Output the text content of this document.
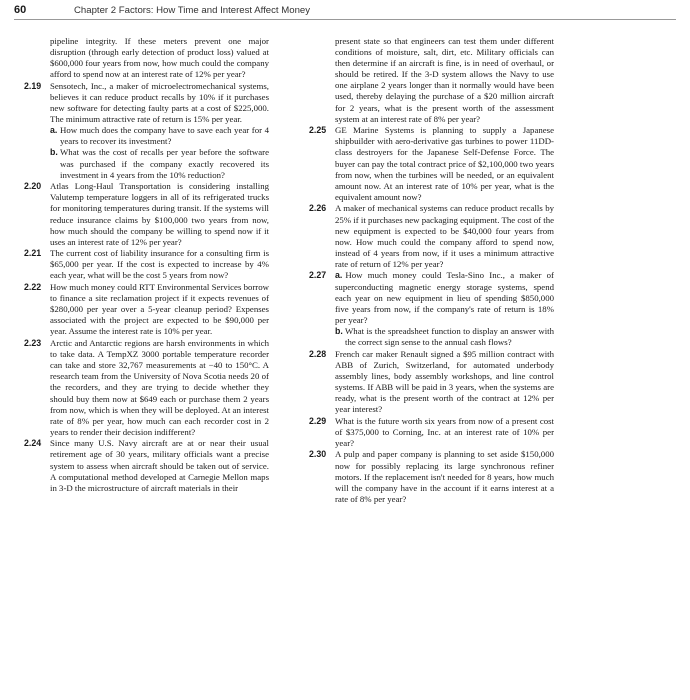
60	Chapter 2 Factors: How Time and Interest Affect Money
pipeline integrity. If these meters prevent one major disruption (through early detection of product loss) valued at $600,000 four years from now, how much could the company afford to spend now at an interest rate of 12% per year?
2.19 Sensotech, Inc., a maker of microelectromechanical systems, believes it can reduce product recalls by 10% if it purchases new software for detecting faulty parts at a cost of $225,000. The minimum attractive rate of return is 15% per year.
a. How much does the company have to save each year for 4 years to recover its investment?
b. What was the cost of recalls per year before the software was purchased if the company exactly recovered its investment in 4 years from the 10% reduction?
2.20 Atlas Long-Haul Transportation is considering installing Valutemp temperature loggers in all of its refrigerated trucks for monitoring temperatures during transit. If the systems will reduce insurance claims by $100,000 two years from now, how much should the company be willing to spend now if it uses an interest rate of 12% per year?
2.21 The current cost of liability insurance for a consulting firm is $65,000 per year. If the cost is expected to increase by 4% each year, what will be the cost 5 years from now?
2.22 How much money could RTT Environmental Services borrow to finance a site reclamation project if it expects revenues of $280,000 per year over a 5-year cleanup period? Expenses associated with the project are expected to be $90,000 per year. Assume the interest rate is 10% per year.
2.23 Arctic and Antarctic regions are harsh environments in which to take data. A TempXZ 3000 portable temperature recorder can take and store 32,767 measurements at −40 to 150°C. A research team from the University of Nova Scotia needs 20 of the recorders, and they are trying to decide whether they should buy them now at $649 each or purchase them 2 years from now, which is when they will be deployed. At an interest rate of 8% per year, how much can each recorder cost in 2 years to render their decision indifferent?
2.24 Since many U.S. Navy aircraft are at or near their usual retirement age of 30 years, military officials want a precise system to assess when aircraft should be taken out of service. A computational method developed at Carnegie Mellon maps in 3-D the microstructure of aircraft materials in their
present state so that engineers can test them under different conditions of moisture, salt, dirt, etc. Military officials can then determine if an aircraft is fine, is in need of overhaul, or should be retired. If the 3-D system allows the Navy to use one airplane 2 years longer than it normally would have been used, thereby delaying the purchase of a $20 million aircraft for 2 years, what is the present worth of the assessment system at an interest rate of 8% per year?
2.25 GE Marine Systems is planning to supply a Japanese shipbuilder with aero-derivative gas turbines to power 11DD-class destroyers for the Japanese Self-Defense Force. The buyer can pay the total contract price of $2,100,000 two years from now, when the turbines will be needed, or an equivalent amount now. At an interest rate of 10% per year, what is the equivalent amount now?
2.26 A maker of mechanical systems can reduce product recalls by 25% if it purchases new packaging equipment. The cost of the new equipment is expected to be $40,000 four years from now. How much could the company afford to spend now, instead of 4 years from now, if it uses a minimum attractive rate of return of 12% per year?
2.27 a. How much money could Tesla-Sino Inc., a maker of superconducting magnetic energy storage systems, spend each year on new equipment in lieu of spending $850,000 five years from now, if the company's rate of return is 18% per year?
b. What is the spreadsheet function to display an answer with the correct sign sense to the annual cash flows?
2.28 French car maker Renault signed a $95 million contract with ABB of Zurich, Switzerland, for automated underbody assembly lines, body assembly workshops, and line control systems. If ABB will be paid in 3 years, when the systems are ready, what is the present worth of the contract at 12% per year interest?
2.29 What is the future worth six years from now of a present cost of $375,000 to Corning, Inc. at an interest rate of 10% per year?
2.30 A pulp and paper company is planning to set aside $150,000 now for possibly replacing its large synchronous refiner motors. If the replacement isn't needed for 8 years, how much will the company have in the account if it earns interest at a rate of 8% per year?
